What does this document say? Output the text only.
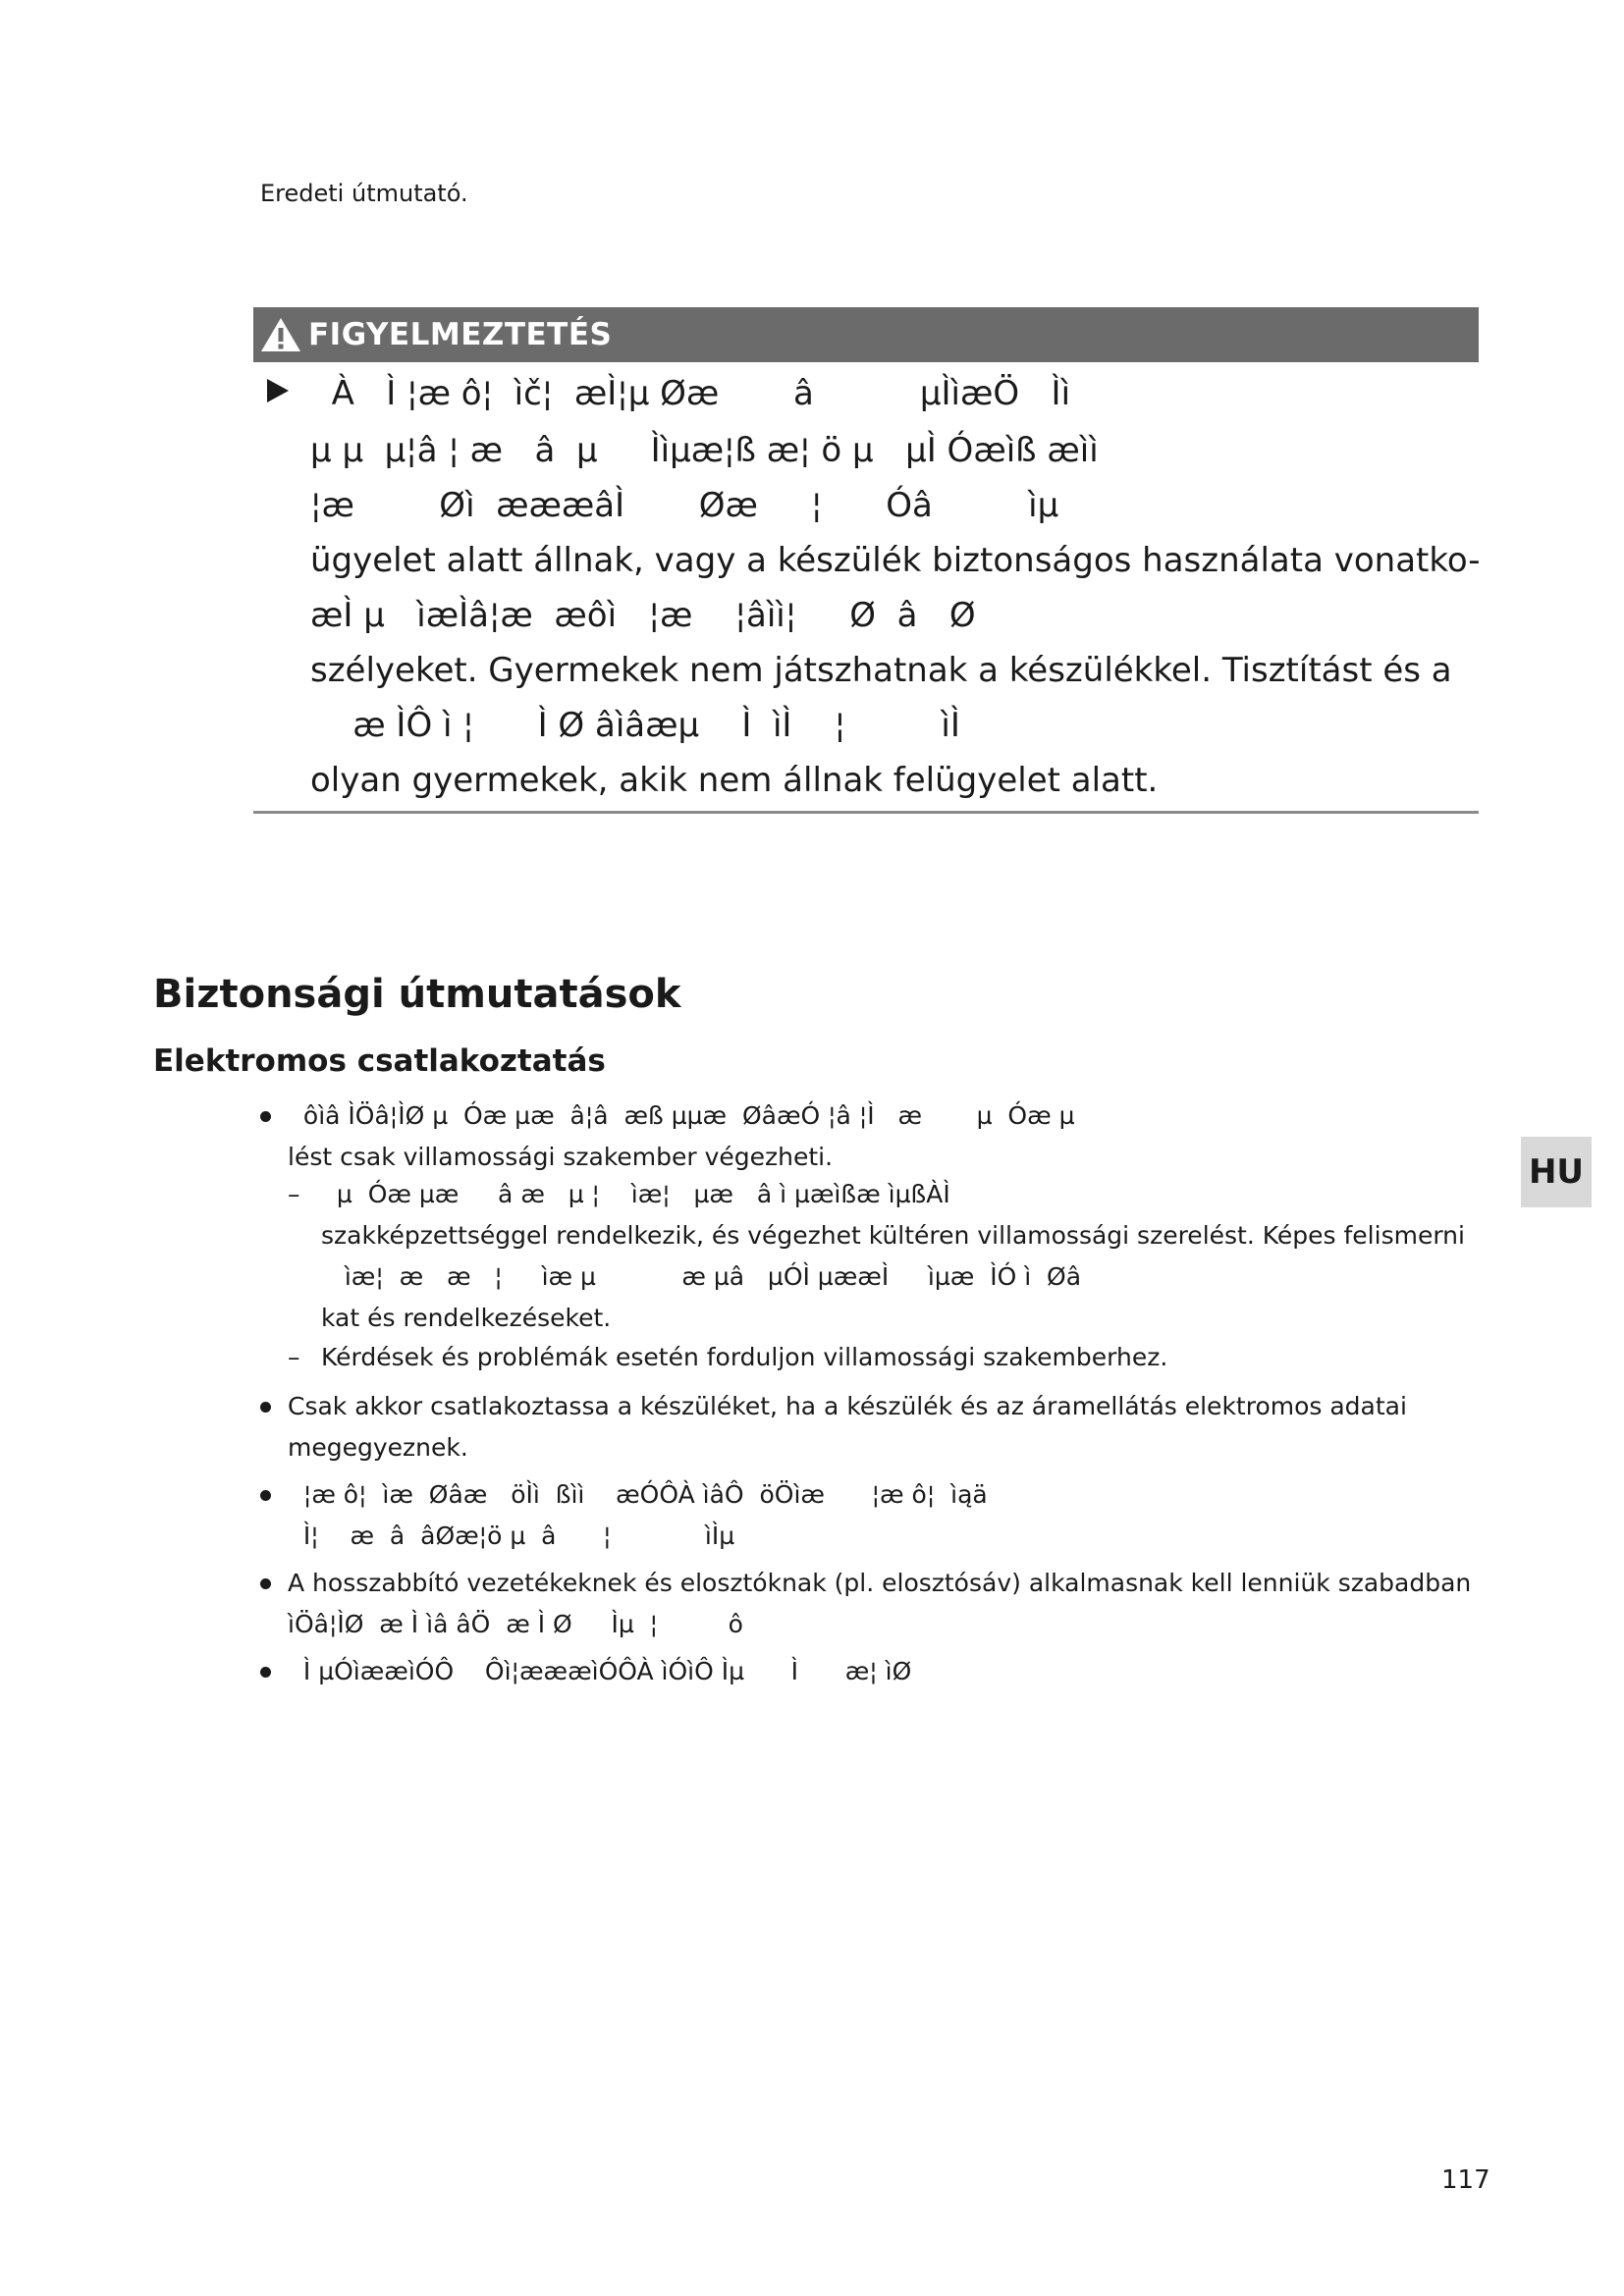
Eredeti útmutató.
FIGYELMEZTETÉS
À   Ì ¦æ ô¦  ìč¦  æÌ¦µ Øæ       â          µÌìæÖ   Ìì
µ µ  µ¦â ¦ æ   â  µ     Ììµæ¦ß æ¦ ö µ   µÌ Óæìß æìì
¦æ        Øì  æææâÌ       Øæ     ¦      Óâ         ìµ
ügyelet alatt állnak, vagy a készülék biztonságos használata vonatko-
æÌ µ   ìæÌâ¦æ  æôì   ¦æ    ¦âìì¦     Ø  â   Ø
szélyeket. Gyermekek nem játszhatnak a készülékkel. Tisztítást és a
æ ÌÔ ì ¦      Ì Ø âìâæµ    Ì  ìÌ    ¦         ìÌ
olyan gyermekek, akik nem állnak felügyelet alatt.
Biztonsági útmutatások
Elektromos csatlakoztatás
ôìâ ÌÖâ¦ÌØ µ  Óæ µæ  â¦â  æß µµæ  ØâæÓ ¦â ¦Ì   æ       µ  Óæ µ
lést csak villamossági szakember végezheti.
– µ  Óæ µæ     â æ   µ ¦    ìæ¦   µæ   â ì µæìßæ ìµßÀÌ
szakképzettséggel rendelkezik, és végezhet kültéren villamossági szerelést. Képes felismerni
ìæ¦  æ   æ   ¦     ìæ µ           æ µâ   µÓÌ µææÌ     ìµæ  ÌÓ ì  Øâ
kat és rendelkezéseket.
– Kérdések és problémák esetén forduljon villamossági szakemberhez.
Csak akkor csatlakoztassa a készüléket, ha a készülék és az áramellátás elektromos adatai
megegyeznek.
¦æ ô¦  ìæ  Øâæ   öÌì  ßìì    æÓÔÀ ìâÔ  öÖìæ      ¦æ ô¦  ìąä
Ì¦    æ  â  âØæ¦ö µ  â      ¦            ìÌµ
A hosszabbító vezetékeknek és elosztóknak (pl. elosztósáv) alkalmasnak kell lenniük szabadban
ìÖâ¦ÌØ  æ Ì ìâ âÖ  æ Ì Ø     Ìµ  ¦         ô
Ì µÓìææìÓÔ    Ôì¦æææìÓÔÀ ìÓìÔ Ìµ      Ì      æ¦ ìØ
HU
117
